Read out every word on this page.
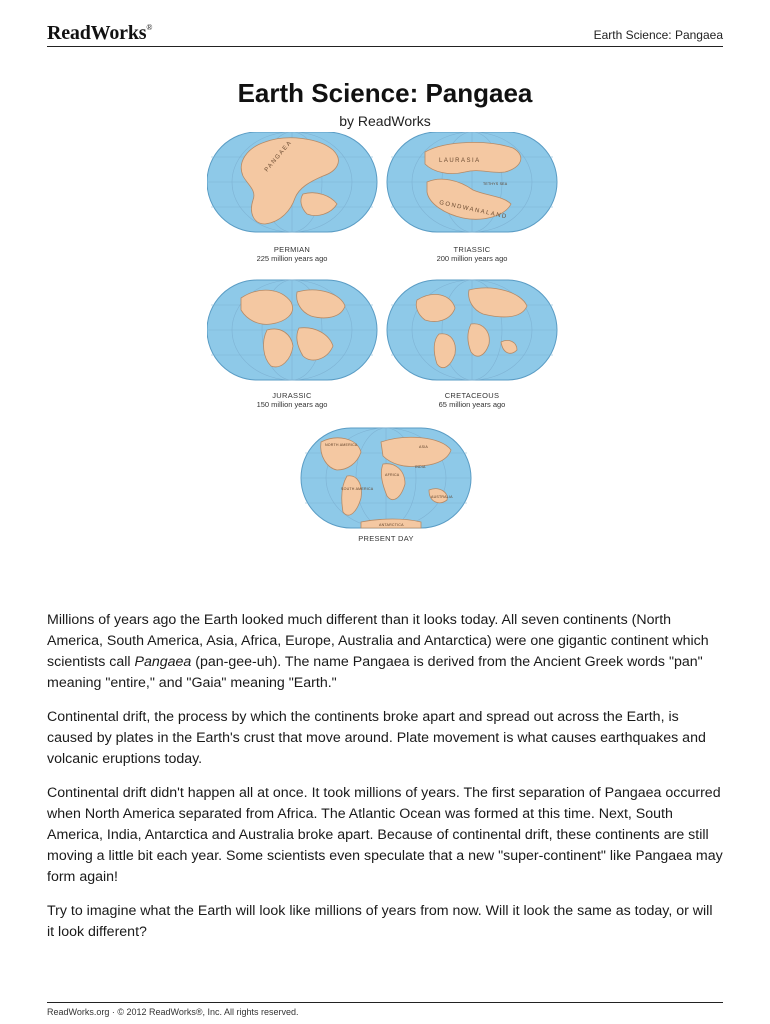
ReadWorks®
Earth Science: Pangaea
Earth Science: Pangaea
by ReadWorks
PANGAEA	LAURASIA
TETHYS SEA
GONDWANALAND
NORTH AMERICA	ASIA
AFRICA
INDIA
SOUTH AMERICA
AUSTRALIA
ANTARCTICA
PERMIAN
225 million years ago
TRIASSIC
200 million years ago
JURASSIC
150 million years ago
CRETACEOUS
65 million years ago
PRESENT DAY

Millions of years ago the Earth looked much different than it looks today. All seven continents (North America, South America, Asia, Africa, Europe, Australia and Antarctica) were one gigantic continent which scientists call Pangaea (pan-gee-uh). The name Pangaea is derived from the Ancient Greek words "pan" meaning "entire," and "Gaia" meaning "Earth."

Continental drift, the process by which the continents broke apart and spread out across the Earth, is caused by plates in the Earth's crust that move around. Plate movement is what causes earthquakes and volcanic eruptions today.

Continental drift didn't happen all at once. It took millions of years. The first separation of Pangaea occurred when North America separated from Africa. The Atlantic Ocean was formed at this time. Next, South America, India, Antarctica and Australia broke apart. Because of continental drift, these continents are still moving a little bit each year. Some scientists even speculate that a new "super-continent" like Pangaea may form again!

Try to imagine what the Earth will look like millions of years from now. Will it look the same as today, or will it look different?

ReadWorks.org · © 2012 ReadWorks®, Inc. All rights reserved.
